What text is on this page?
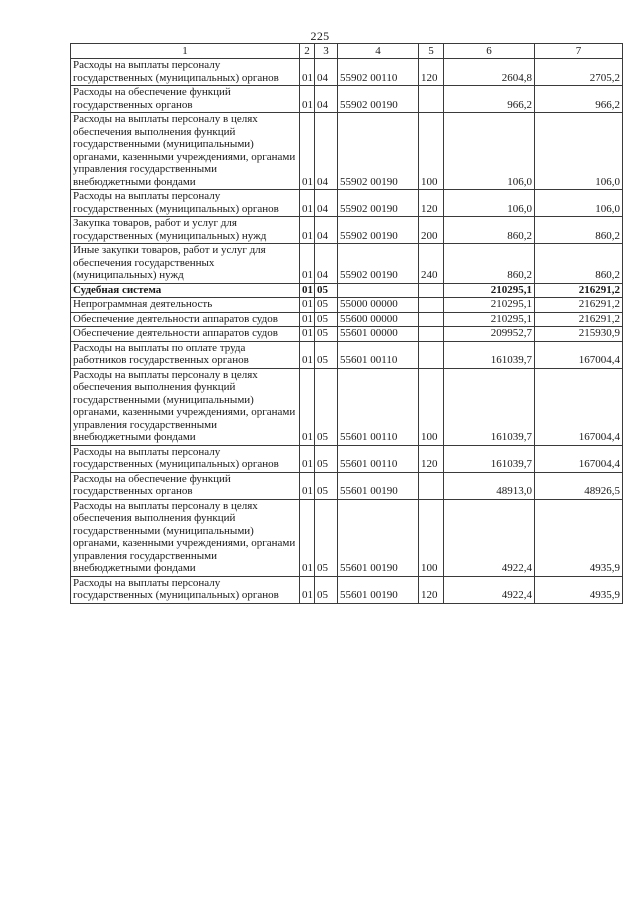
225
1	2	3	4	5	6	7
Расходы на выплаты персоналу государственных (муниципальных) органов	01	04	55902 00110	120	2604,8	2705,2
Расходы на обеспечение функций государственных органов	01	04	55902 00190		966,2	966,2
Расходы на выплаты персоналу в целях обеспечения выполнения функций государственными (муниципальными) органами, казенными учреждениями, органами управления государственными внебюджетными фондами	01	04	55902 00190	100	106,0	106,0
Расходы на выплаты персоналу государственных (муниципальных) органов	01	04	55902 00190	120	106,0	106,0
Закупка товаров, работ и услуг для государственных (муниципальных) нужд	01	04	55902 00190	200	860,2	860,2
Иные закупки товаров, работ и услуг для обеспечения государственных (муниципальных) нужд	01	04	55902 00190	240	860,2	860,2
Судебная система	01	05			210295,1	216291,2
Непрограммная деятельность	01	05	55000 00000		210295,1	216291,2
Обеспечение деятельности аппаратов судов	01	05	55600 00000		210295,1	216291,2
Обеспечение деятельности аппаратов судов	01	05	55601 00000		209952,7	215930,9
Расходы на выплаты по оплате труда работников государственных органов	01	05	55601 00110		161039,7	167004,4
Расходы на выплаты персоналу в целях обеспечения выполнения функций государственными (муниципальными) органами, казенными учреждениями, органами управления государственными внебюджетными фондами	01	05	55601 00110	100	161039,7	167004,4
Расходы на выплаты персоналу государственных (муниципальных) органов	01	05	55601 00110	120	161039,7	167004,4
Расходы на обеспечение функций государственных органов	01	05	55601 00190		48913,0	48926,5
Расходы на выплаты персоналу в целях обеспечения выполнения функций государственными (муниципальными) органами, казенными учреждениями, органами управления государственными внебюджетными фондами	01	05	55601 00190	100	4922,4	4935,9
Расходы на выплаты персоналу государственных (муниципальных) органов	01	05	55601 00190	120	4922,4	4935,9
